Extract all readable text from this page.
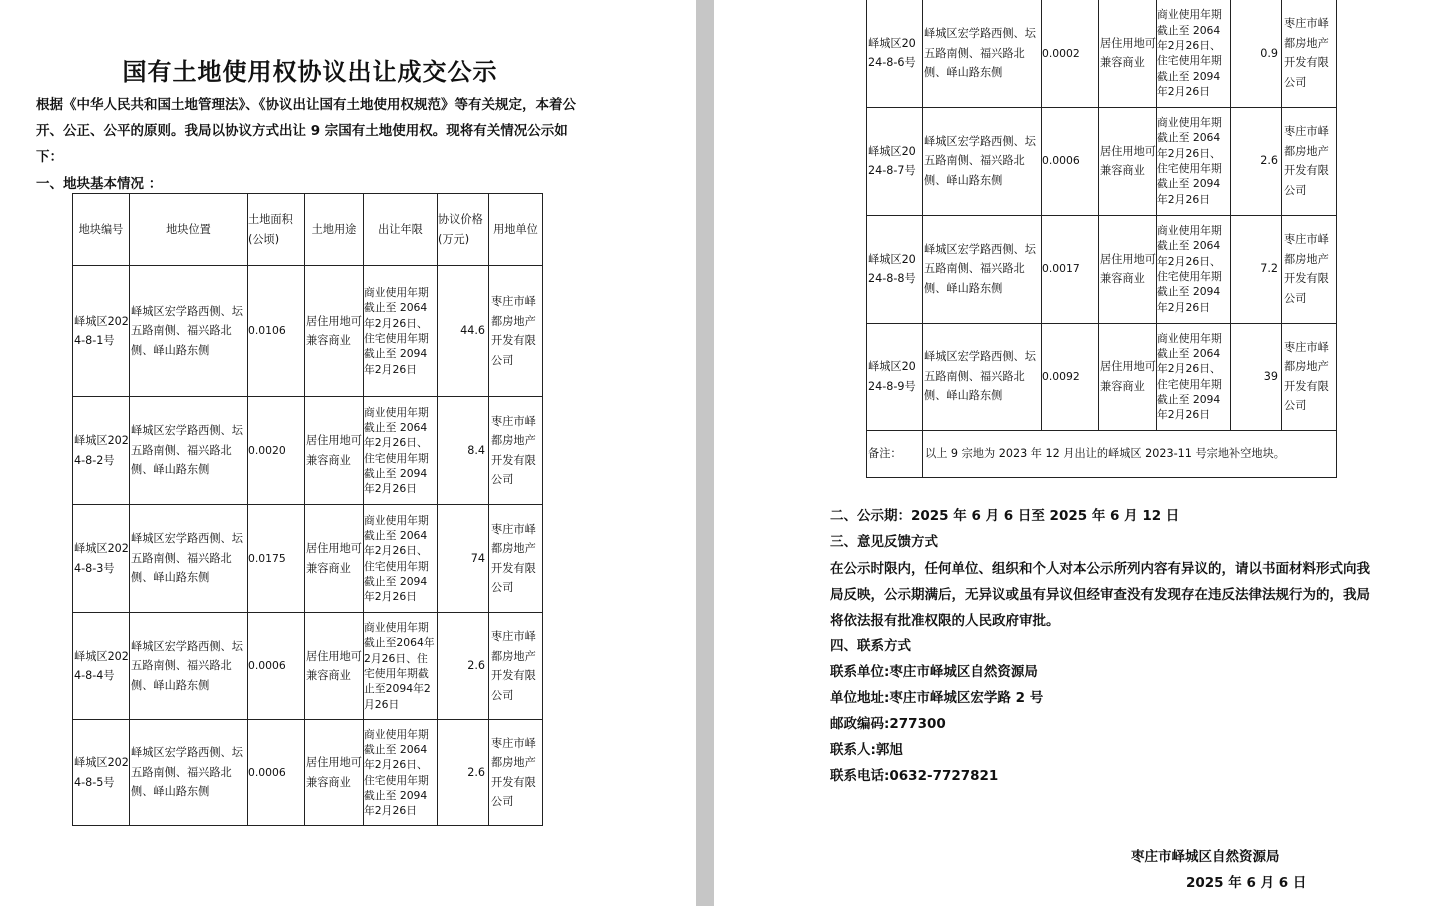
国有土地使用权协议出让成交公示
根据《中华人民共和国土地管理法》、《协议出让国有土地使用权规范》等有关规定，本着公开、公正、公平的原则。我局以协议方式出让 9 宗国有土地使用权。现将有关情况公示如下：
一、地块基本情况 ：
地块编号	地块位置	土地面积(公顷)	土地用途	出让年限	协议价格(万元)	用地单位
峄城区2024-8-1号	峄城区宏学路西侧、坛五路南侧、福兴路北侧、峄山路东侧	0.0106	居住用地可兼容商业	商业使用年期截止至 2064 年2月26日、住宅使用年期截止至 2094 年2月26日	44.6	枣庄市峄都房地产开发有限公司
峄城区2024-8-2号	峄城区宏学路西侧、坛五路南侧、福兴路北侧、峄山路东侧	0.0020	居住用地可兼容商业	商业使用年期截止至 2064 年2月26日、住宅使用年期截止至 2094 年2月26日	8.4	枣庄市峄都房地产开发有限公司
峄城区2024-8-3号	峄城区宏学路西侧、坛五路南侧、福兴路北侧、峄山路东侧	0.0175	居住用地可兼容商业	商业使用年期截止至 2064 年2月26日、住宅使用年期截止至 2094 年2月26日	74	枣庄市峄都房地产开发有限公司
峄城区2024-8-4号	峄城区宏学路西侧、坛五路南侧、福兴路北侧、峄山路东侧	0.0006	居住用地可兼容商业	商业使用年期截止至2064年2月26日、住宅使用年期截止至2094年2月26日	2.6	枣庄市峄都房地产开发有限公司
峄城区2024-8-5号	峄城区宏学路西侧、坛五路南侧、福兴路北侧、峄山路东侧	0.0006	居住用地可兼容商业	商业使用年期截止至 2064 年2月26日、住宅使用年期截止至 2094 年2月26日	2.6	枣庄市峄都房地产开发有限公司
峄城区2024-8-6号	峄城区宏学路西侧、坛五路南侧、福兴路北侧、峄山路东侧	0.0002	居住用地可兼容商业	商业使用年期截止至 2064 年2月26日、住宅使用年期截止至 2094 年2月26日	0.9	枣庄市峄都房地产开发有限公司
峄城区2024-8-7号	峄城区宏学路西侧、坛五路南侧、福兴路北侧、峄山路东侧	0.0006	居住用地可兼容商业	商业使用年期截止至 2064 年2月26日、住宅使用年期截止至 2094 年2月26日	2.6	枣庄市峄都房地产开发有限公司
峄城区2024-8-8号	峄城区宏学路西侧、坛五路南侧、福兴路北侧、峄山路东侧	0.0017	居住用地可兼容商业	商业使用年期截止至 2064 年2月26日、住宅使用年期截止至 2094 年2月26日	7.2	枣庄市峄都房地产开发有限公司
峄城区2024-8-9号	峄城区宏学路西侧、坛五路南侧、福兴路北侧、峄山路东侧	0.0092	居住用地可兼容商业	商业使用年期截止至 2064 年2月26日、住宅使用年期截止至 2094 年2月26日	39	枣庄市峄都房地产开发有限公司
备注：	以上 9 宗地为 2023 年 12 月出让的峄城区 2023-11 号宗地补空地块。					
二、公示期：2025 年 6 月 6 日至 2025 年 6 月 12 日
三、意见反馈方式
在公示时限内，任何单位、组织和个人对本公示所列内容有异议的，请以书面材料形式向我局反映，公示期满后，无异议或虽有异议但经审查没有发现存在违反法律法规行为的，我局将依法报有批准权限的人民政府审批。
四、联系方式
联系单位:枣庄市峄城区自然资源局
单位地址:枣庄市峄城区宏学路 2 号
邮政编码:277300
联系人:郭旭
联系电话:0632-7727821
枣庄市峄城区自然资源局
2025 年 6 月 6 日
